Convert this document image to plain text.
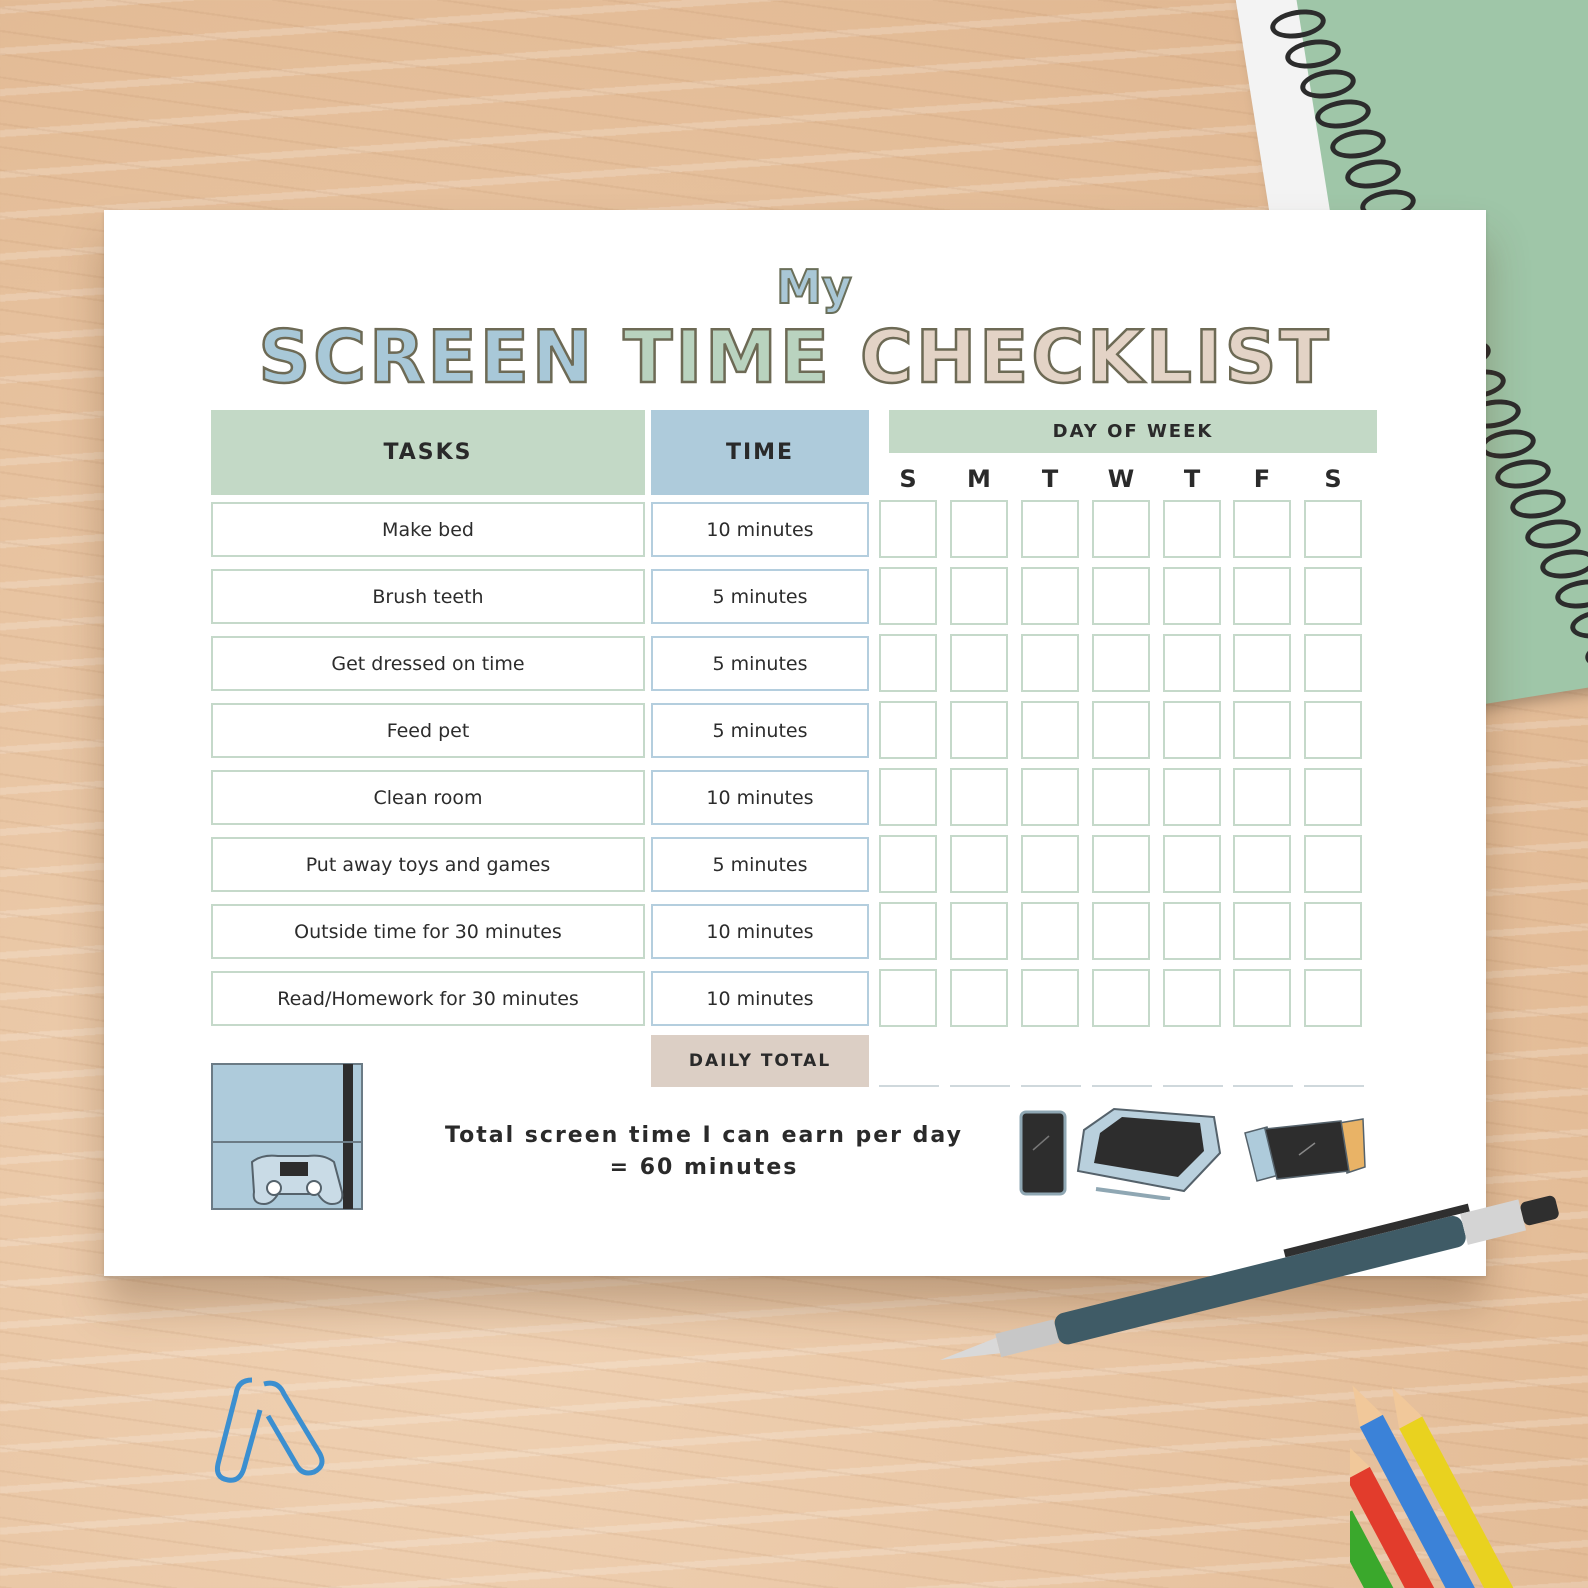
My
SCREEN TIME CHECKLIST
TASKS	TIME
DAY OF WEEK
S	M	T	W	T	F	S
Make bed	10 minutes
Brush teeth	5 minutes
Get dressed on time	5 minutes
Feed pet	5 minutes
Clean room	10 minutes
Put away toys and games	5 minutes
Outside time for 30 minutes	10 minutes
Read/Homework for 30 minutes	10 minutes
DAILY TOTAL
Total screen time I can earn per day
= 60 minutes
